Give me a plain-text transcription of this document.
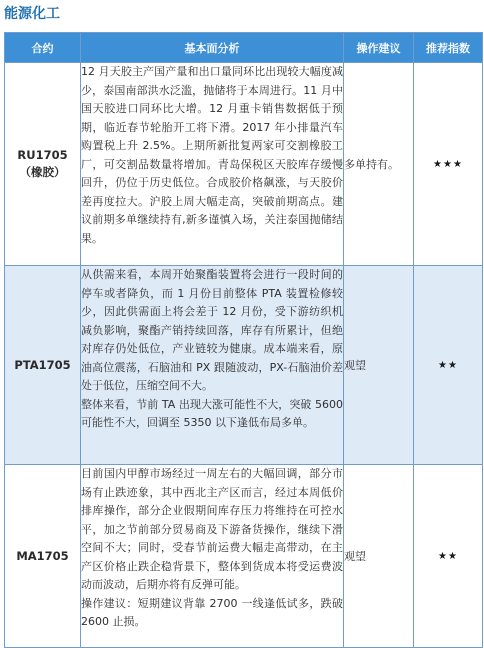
能源化工
合约	基本面分析	操作建议	推荐指数

RU1705
（橡胶）	12 月天胶主产国产量和出口量同环比出现较大幅度减少，泰国南部洪水泛滥，抛储将于本周进行。11 月中国天胶进口同环比大增。12 月重卡销售数据低于预期，临近春节轮胎开工将下滑。2017 年小排量汽车购置税上升 2.5%。上期所新批复两家可交割橡胶工厂，可交割品数量将增加。青岛保税区天胶库存缓慢回升，仍位于历史低位。合成胶价格飙涨，与天胶价差再度拉大。沪胶上周大幅走高，突破前期高点。建议前期多单继续持有,新多谨慎入场，关注泰国抛储结果。	多单持有。	★★★

PTA1705	从供需来看，本周开始聚酯装置将会进行一段时间的停车或者降负，而 1 月份目前整体 PTA 装置检修较少，因此供需面上将会差于 12 月份，受下游纺织机减负影响，聚酯产销持续回落，库存有所累计，但绝对库存仍处低位，产业链较为健康。成本端来看，原油高位震荡，石脑油和 PX 跟随波动，PX-石脑油价差处于低位，压缩空间不大。
整体来看，节前 TA 出现大涨可能性不大，突破 5600 可能性不大，回调至 5350 以下逢低布局多单。	观望	★★

MA1705	目前国内甲醇市场经过一周左右的大幅回调，部分市场有止跌迹象，其中西北主产区而言，经过本周低价排库操作，部分企业假期间库存压力将维持在可控水平，加之节前部分贸易商及下游备货操作，继续下滑空间不大；同时，受春节前运费大幅走高带动，在主产区价格止跌企稳背景下，整体到货成本将受运费波动而波动，后期亦将有反弹可能。
操作建议：短期建议背靠 2700 一线逢低试多，跌破 2600 止损。	观望	★★
